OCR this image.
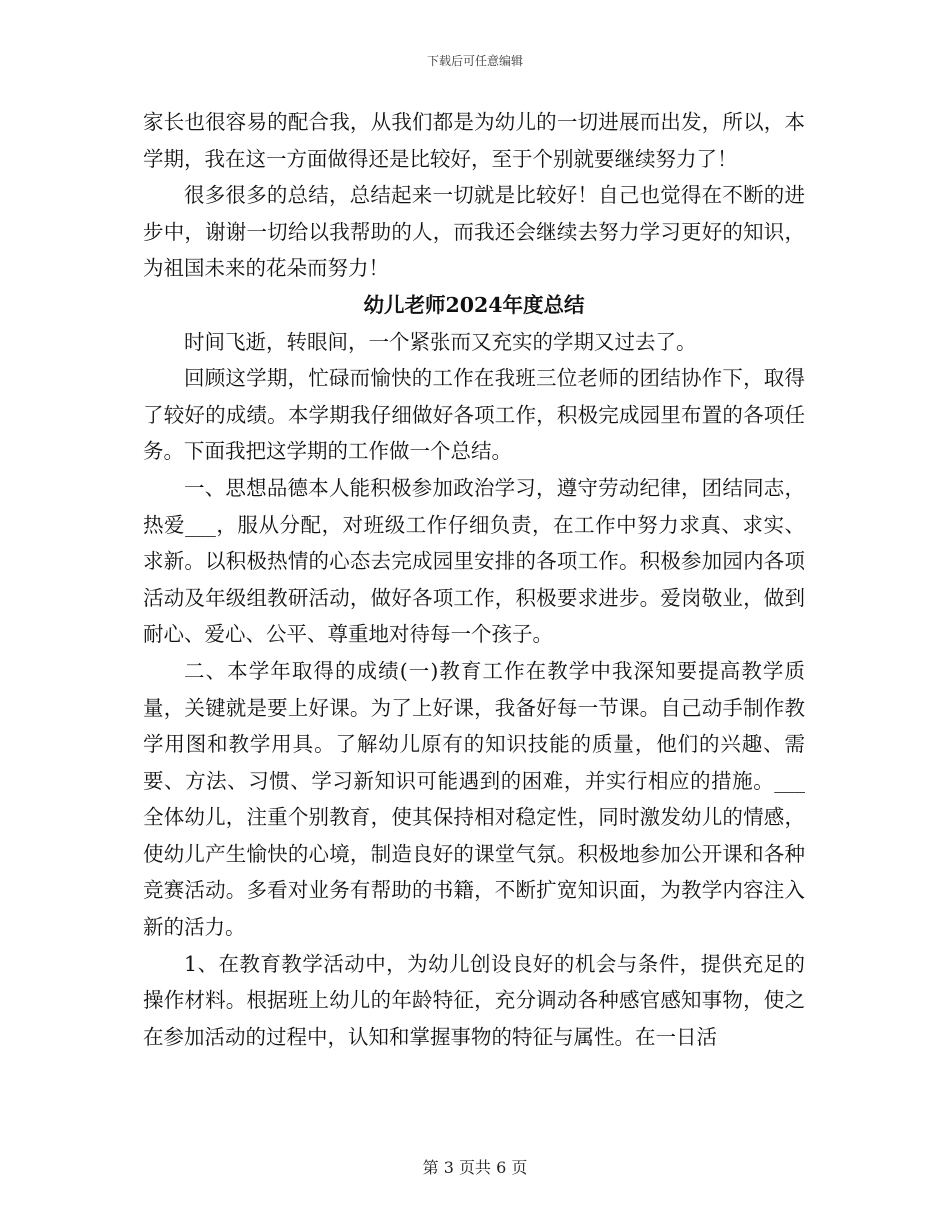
下载后可任意编辑

家长也很容易的配合我，从我们都是为幼儿的一切进展而出发，所以，本学期，我在这一方面做得还是比较好，至于个别就要继续努力了！

很多很多的总结，总结起来一切就是比较好！自己也觉得在不断的进步中，谢谢一切给以我帮助的人，而我还会继续去努力学习更好的知识，为祖国未来的花朵而努力！

幼儿老师2024年度总结

时间飞逝，转眼间，一个紧张而又充实的学期又过去了。

回顾这学期，忙碌而愉快的工作在我班三位老师的团结协作下，取得了较好的成绩。本学期我仔细做好各项工作，积极完成园里布置的各项任务。下面我把这学期的工作做一个总结。

一、思想品德本人能积极参加政治学习，遵守劳动纪律，团结同志，热爱___，服从分配，对班级工作仔细负责，在工作中努力求真、求实、求新。以积极热情的心态去完成园里安排的各项工作。积极参加园内各项活动及年级组教研活动，做好各项工作，积极要求进步。爱岗敬业，做到耐心、爱心、公平、尊重地对待每一个孩子。

二、本学年取得的成绩(一)教育工作在教学中我深知要提高教学质量，关键就是要上好课。为了上好课，我备好每一节课。自己动手制作教学用图和教学用具。了解幼儿原有的知识技能的质量，他们的兴趣、需要、方法、习惯、学习新知识可能遇到的困难，并实行相应的措施。___全体幼儿，注重个别教育，使其保持相对稳定性，同时激发幼儿的情感，使幼儿产生愉快的心境，制造良好的课堂气氛。积极地参加公开课和各种竞赛活动。多看对业务有帮助的书籍，不断扩宽知识面，为教学内容注入新的活力。

1、在教育教学活动中，为幼儿创设良好的机会与条件，提供充足的操作材料。根据班上幼儿的年龄特征，充分调动各种感官感知事物，使之在参加活动的过程中，认知和掌握事物的特征与属性。在一日活

第 3 页共 6 页
